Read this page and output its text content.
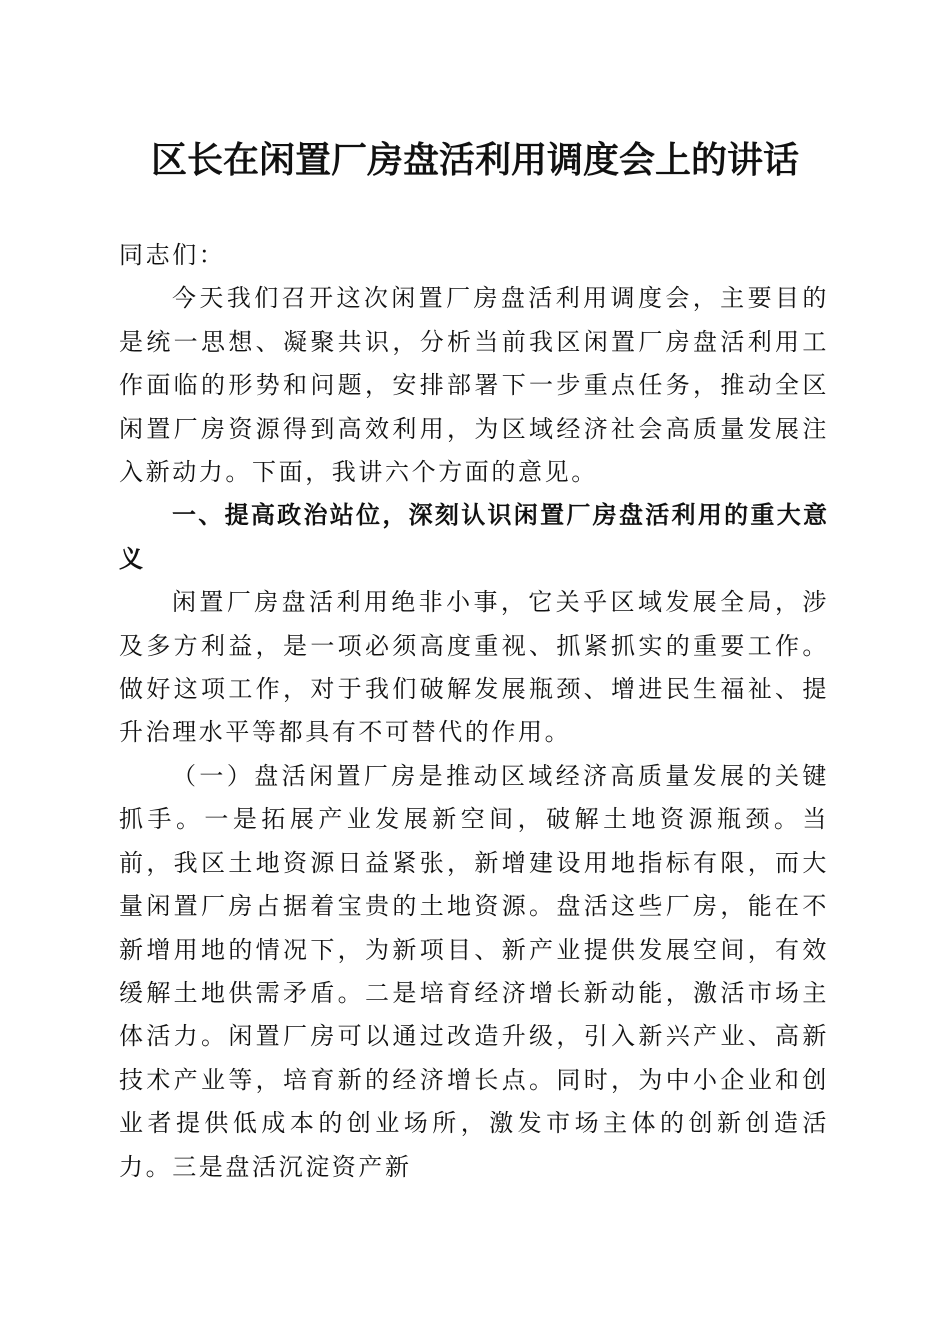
区长在闲置厂房盘活利用调度会上的讲话

同志们：

今天我们召开这次闲置厂房盘活利用调度会，主要目的是统一思想、凝聚共识，分析当前我区闲置厂房盘活利用工作面临的形势和问题，安排部署下一步重点任务，推动全区闲置厂房资源得到高效利用，为区域经济社会高质量发展注入新动力。下面，我讲六个方面的意见。

一、提高政治站位，深刻认识闲置厂房盘活利用的重大意义

闲置厂房盘活利用绝非小事，它关乎区域发展全局，涉及多方利益，是一项必须高度重视、抓紧抓实的重要工作。做好这项工作，对于我们破解发展瓶颈、增进民生福祉、提升治理水平等都具有不可替代的作用。

（一）盘活闲置厂房是推动区域经济高质量发展的关键抓手。一是拓展产业发展新空间，破解土地资源瓶颈。当前，我区土地资源日益紧张，新增建设用地指标有限，而大量闲置厂房占据着宝贵的土地资源。盘活这些厂房，能在不新增用地的情况下，为新项目、新产业提供发展空间，有效缓解土地供需矛盾。二是培育经济增长新动能，激活市场主体活力。闲置厂房可以通过改造升级，引入新兴产业、高新技术产业等，培育新的经济增长点。同时，为中小企业和创业者提供低成本的创业场所，激发市场主体的创新创造活力。三是盘活沉淀资产新
